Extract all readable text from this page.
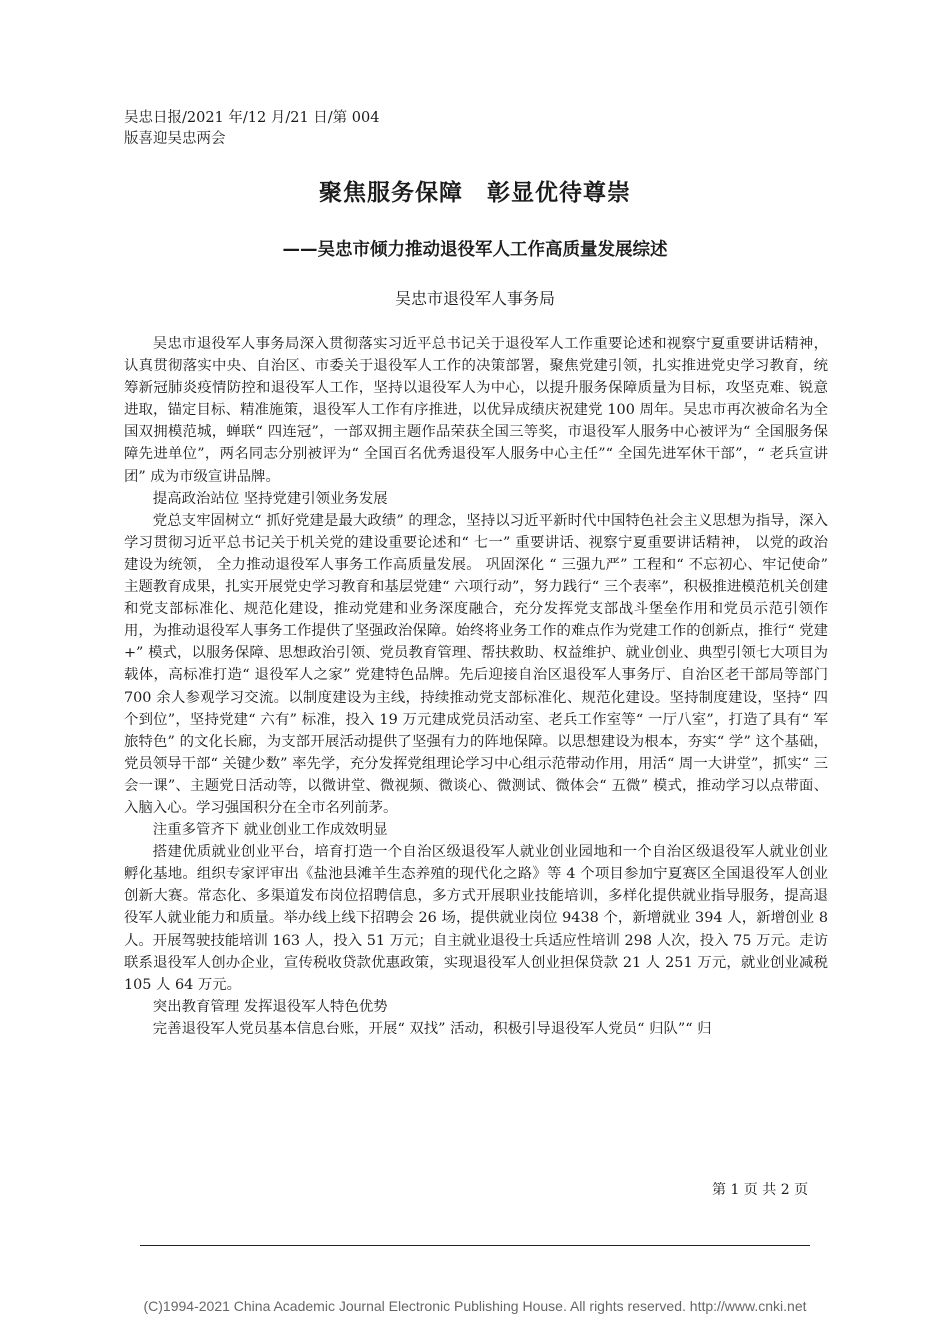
吴忠日报/2021 年/12 月/21 日/第 004
版喜迎吴忠两会
聚焦服务保障　彰显优待尊崇
——吴忠市倾力推动退役军人工作高质量发展综述
吴忠市退役军人事务局

吴忠市退役军人事务局深入贯彻落实习近平总书记关于退役军人工作重要论述和视察宁夏重要讲话精神，认真贯彻落实中央、自治区、市委关于退役军人工作的决策部署，聚焦党建引领，扎实推进党史学习教育，统筹新冠肺炎疫情防控和退役军人工作，坚持以退役军人为中心，以提升服务保障质量为目标，攻坚克难、锐意进取，锚定目标、精准施策，退役军人工作有序推进，以优异成绩庆祝建党 100 周年。吴忠市再次被命名为全国双拥模范城，蝉联“ 四连冠”，一部双拥主题作品荣获全国三等奖，市退役军人服务中心被评为“ 全国服务保障先进单位”，两名同志分别被评为“ 全国百名优秀退役军人服务中心主任”“ 全国先进军休干部”，“ 老兵宣讲团” 成为市级宣讲品牌。

提高政治站位 坚持党建引领业务发展

党总支牢固树立“ 抓好党建是最大政绩” 的理念，坚持以习近平新时代中国特色社会主义思想为指导，深入学习贯彻习近平总书记关于机关党的建设重要论述和“ 七一” 重要讲话、视察宁夏重要讲话精神， 以党的政治建设为统领， 全力推动退役军人事务工作高质量发展。 巩固深化 “ 三强九严” 工程和“ 不忘初心、牢记使命” 主题教育成果，扎实开展党史学习教育和基层党建“ 六项行动”，努力践行“ 三个表率”，积极推进模范机关创建和党支部标准化、规范化建设，推动党建和业务深度融合，充分发挥党支部战斗堡垒作用和党员示范引领作用，为推动退役军人事务工作提供了坚强政治保障。始终将业务工作的难点作为党建工作的创新点，推行“ 党建+” 模式，以服务保障、思想政治引领、党员教育管理、帮扶救助、权益维护、就业创业、典型引领七大项目为载体，高标准打造“ 退役军人之家” 党建特色品牌。先后迎接自治区退役军人事务厅、自治区老干部局等部门 700 余人参观学习交流。以制度建设为主线，持续推动党支部标准化、规范化建设。坚持制度建设，坚持“ 四个到位”，坚持党建“ 六有” 标准，投入 19 万元建成党员活动室、老兵工作室等“ 一厅八室”，打造了具有“ 军旅特色” 的文化长廊，为支部开展活动提供了坚强有力的阵地保障。以思想建设为根本，夯实“ 学” 这个基础，党员领导干部“ 关键少数” 率先学，充分发挥党组理论学习中心组示范带动作用，用活“ 周一大讲堂”，抓实“ 三会一课”、主题党日活动等，以微讲堂、微视频、微谈心、微测试、微体会“ 五微” 模式，推动学习以点带面、入脑入心。学习强国积分在全市名列前茅。

注重多管齐下 就业创业工作成效明显

搭建优质就业创业平台，培育打造一个自治区级退役军人就业创业园地和一个自治区级退役军人就业创业孵化基地。组织专家评审出《盐池县滩羊生态养殖的现代化之路》等 4 个项目参加宁夏赛区全国退役军人创业创新大赛。常态化、多渠道发布岗位招聘信息，多方式开展职业技能培训，多样化提供就业指导服务，提高退役军人就业能力和质量。举办线上线下招聘会 26 场，提供就业岗位 9438 个，新增就业 394 人，新增创业 8 人。开展驾驶技能培训 163 人，投入 51 万元；自主就业退役士兵适应性培训 298 人次，投入 75 万元。走访联系退役军人创办企业，宣传税收贷款优惠政策，实现退役军人创业担保贷款 21 人 251 万元，就业创业减税 105 人 64 万元。

突出教育管理 发挥退役军人特色优势

完善退役军人党员基本信息台账，开展“ 双找” 活动，积极引导退役军人党员“ 归队”“ 归

第 1 页 共 2 页
(C)1994-2021 China Academic Journal Electronic Publishing House. All rights reserved. http://www.cnki.net
